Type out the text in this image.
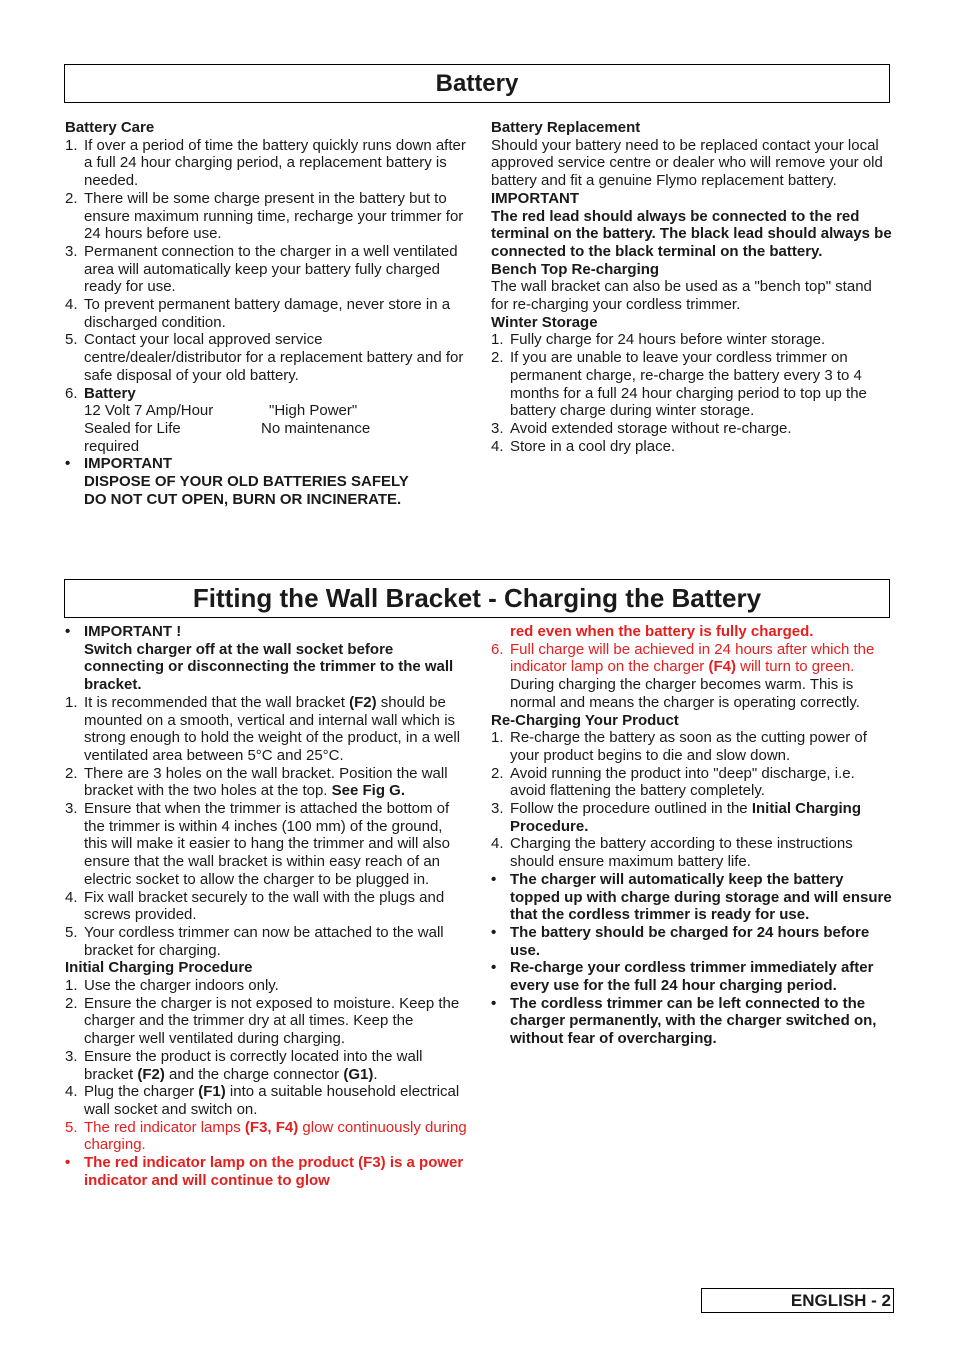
Battery

Battery Care

1. If over a period of time the battery quickly runs down after a full 24 hour charging period, a replacement battery is needed.
2. There will be some charge present in the battery but to ensure maximum running time, recharge your trimmer for 24 hours before use.
3. Permanent connection to the charger in a well ventilated area will automatically keep your battery fully charged ready for use.
4. To prevent permanent battery damage, never store in a discharged condition.
5. Contact your local approved service centre/dealer/distributor for a replacement battery and for safe disposal of your old battery.
6. Battery
12 Volt 7 Amp/Hour	"High Power"
Sealed for Life	No maintenance
required
• IMPORTANT
DISPOSE OF YOUR OLD BATTERIES SAFELY
DO NOT CUT OPEN, BURN OR INCINERATE.

Battery Replacement

Should your battery need to be replaced contact your local approved service centre or dealer who will remove your old battery and fit a genuine Flymo replacement battery.

IMPORTANT

The red lead should always be connected to the red terminal on the battery. The black lead should always be connected to the black terminal on the battery.

Bench Top Re-charging

The wall bracket can also be used as a "bench top" stand for re-charging your cordless trimmer.

Winter Storage

1. Fully charge for 24 hours before winter storage.
2. If you are unable to leave your cordless trimmer on permanent charge, re-charge the battery every 3 to 4 months for a full 24 hour charging period to top up the battery charge during winter storage.
3. Avoid extended storage without re-charge.
4. Store in a cool dry place.
Fitting the Wall Bracket - Charging the Battery
• IMPORTANT !
Switch charger off at the wall socket before connecting or disconnecting the trimmer to the wall bracket.
1. It is recommended that the wall bracket (F2) should be mounted on a smooth, vertical and internal wall which is strong enough to hold the weight of the product, in a well ventilated area between 5°C and 25°C.
2. There are 3 holes on the wall bracket. Position the wall bracket with the two holes at the top. See Fig G.
3. Ensure that when the trimmer is attached the bottom of the trimmer is within 4 inches (100 mm) of the ground, this will make it easier to hang the trimmer and will also ensure that the wall bracket is within easy reach of an electric socket to allow the charger to be plugged in.
4. Fix wall bracket securely to the wall with the plugs and screws provided.
5. Your cordless trimmer can now be attached to the wall bracket for charging.

Initial Charging Procedure

1. Use the charger indoors only.
2. Ensure the charger is not exposed to moisture. Keep the charger and the trimmer dry at all times. Keep the charger well ventilated during charging.
3. Ensure the product is correctly located into the wall bracket (F2) and the charge connector (G1).
4. Plug the charger (F1) into a suitable household electrical wall socket and switch on.
5. The red indicator lamps (F3, F4) glow continuously during charging.
• The red indicator lamp on the product (F3) is a power indicator and will continue to glow
red even when the battery is fully charged.
6. Full charge will be achieved in 24 hours after which the indicator lamp on the charger (F4) will turn to green. During charging the charger becomes warm. This is normal and means the charger is operating correctly.

Re-Charging Your Product

1. Re-charge the battery as soon as the cutting power of your product begins to die and slow down.
2. Avoid running the product into "deep" discharge, i.e. avoid flattening the battery completely.
3. Follow the procedure outlined in the Initial Charging Procedure.
4. Charging the battery according to these instructions should ensure maximum battery life.
• The charger will automatically keep the battery topped up with charge during storage and will ensure that the cordless trimmer is ready for use.
• The battery should be charged for 24 hours before use.
• Re-charge your cordless trimmer immediately after every use for the full 24 hour charging period.
• The cordless trimmer can be left connected to the charger permanently, with the charger switched on, without fear of overcharging.
ENGLISH - 2
